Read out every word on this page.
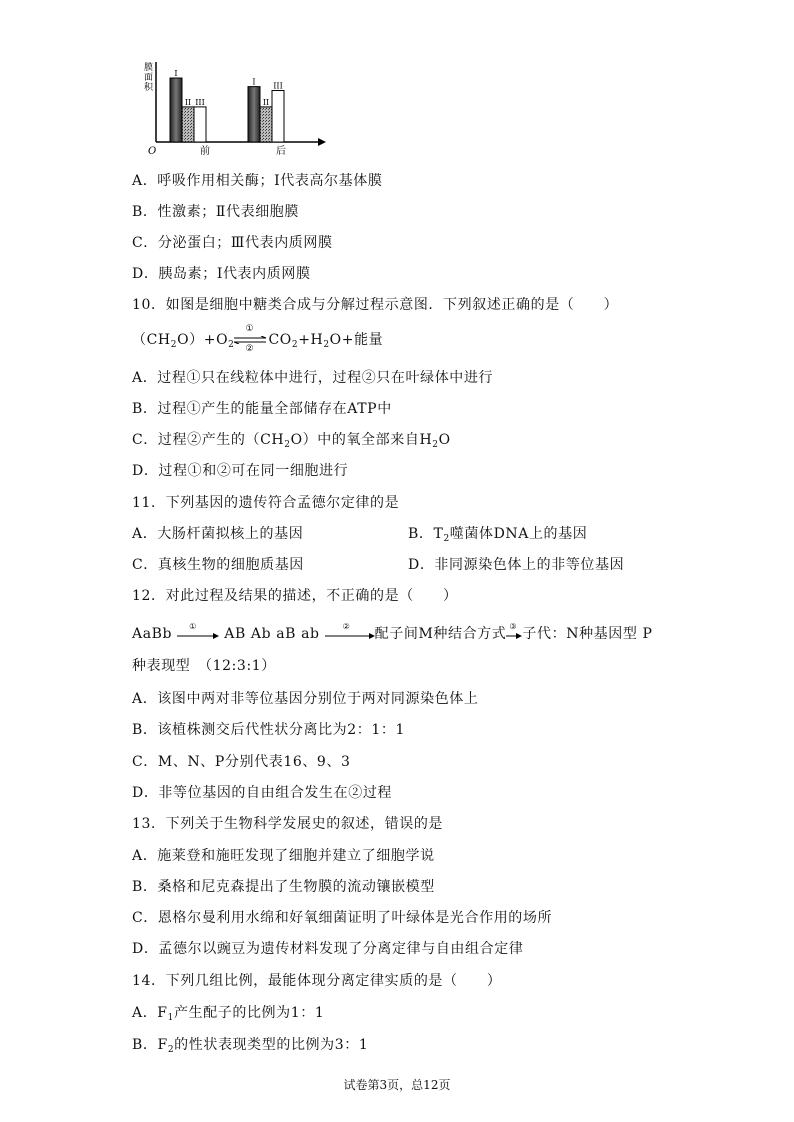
膜
面
积
O	前	后
I
II III
I
II
III
A．呼吸作用相关酶；Ⅰ代表高尔基体膜
B．性激素；Ⅱ代表细胞膜
C．分泌蛋白；Ⅲ代表内质网膜
D．胰岛素；Ⅰ代表内质网膜
10．如图是细胞中糖类合成与分解过程示意图．下列叙述正确的是（　　）
$(CH_2O)+O_2$
①
②
$CO_2+H_2O+$能量
A．过程①只在线粒体中进行，过程②只在叶绿体中进行
B．过程①产生的能量全部储存在ATP中
C．过程②产生的$(CH_2O)$中的氧全部来自$H_2O$
D．过程①和②可在同一细胞进行
11．下列基因的遗传符合孟德尔定律的是
A．大肠杆菌拟核上的基因	B．$T_2$噬菌体DNA上的基因
C．真核生物的细胞质基因	D．非同源染色体上的非等位基因
12．对此过程及结果的描述，不正确的是（　　）
AaBb ① AB Ab aB ab	② 配子间M种结合方式 ③ 子代：N种基因型 P
种表现型　（12:3:1）
A．该图中两对非等位基因分别位于两对同源染色体上
B．该植株测交后代性状分离比为2：1：1
C．M、N、P分别代表16、9、3
D．非等位基因的自由组合发生在②过程
13．下列关于生物科学发展史的叙述，错误的是
A．施莱登和施旺发现了细胞并建立了细胞学说
B．桑格和尼克森提出了生物膜的流动镶嵌模型
C．恩格尔曼利用水绵和好氧细菌证明了叶绿体是光合作用的场所
D．孟德尔以豌豆为遗传材料发现了分离定律与自由组合定律
14．下列几组比例，最能体现分离定律实质的是（　　）
A．$F_1$产生配子的比例为1：1
B．$F_2$的性状表现类型的比例为3：1
试卷第3页，总12页
